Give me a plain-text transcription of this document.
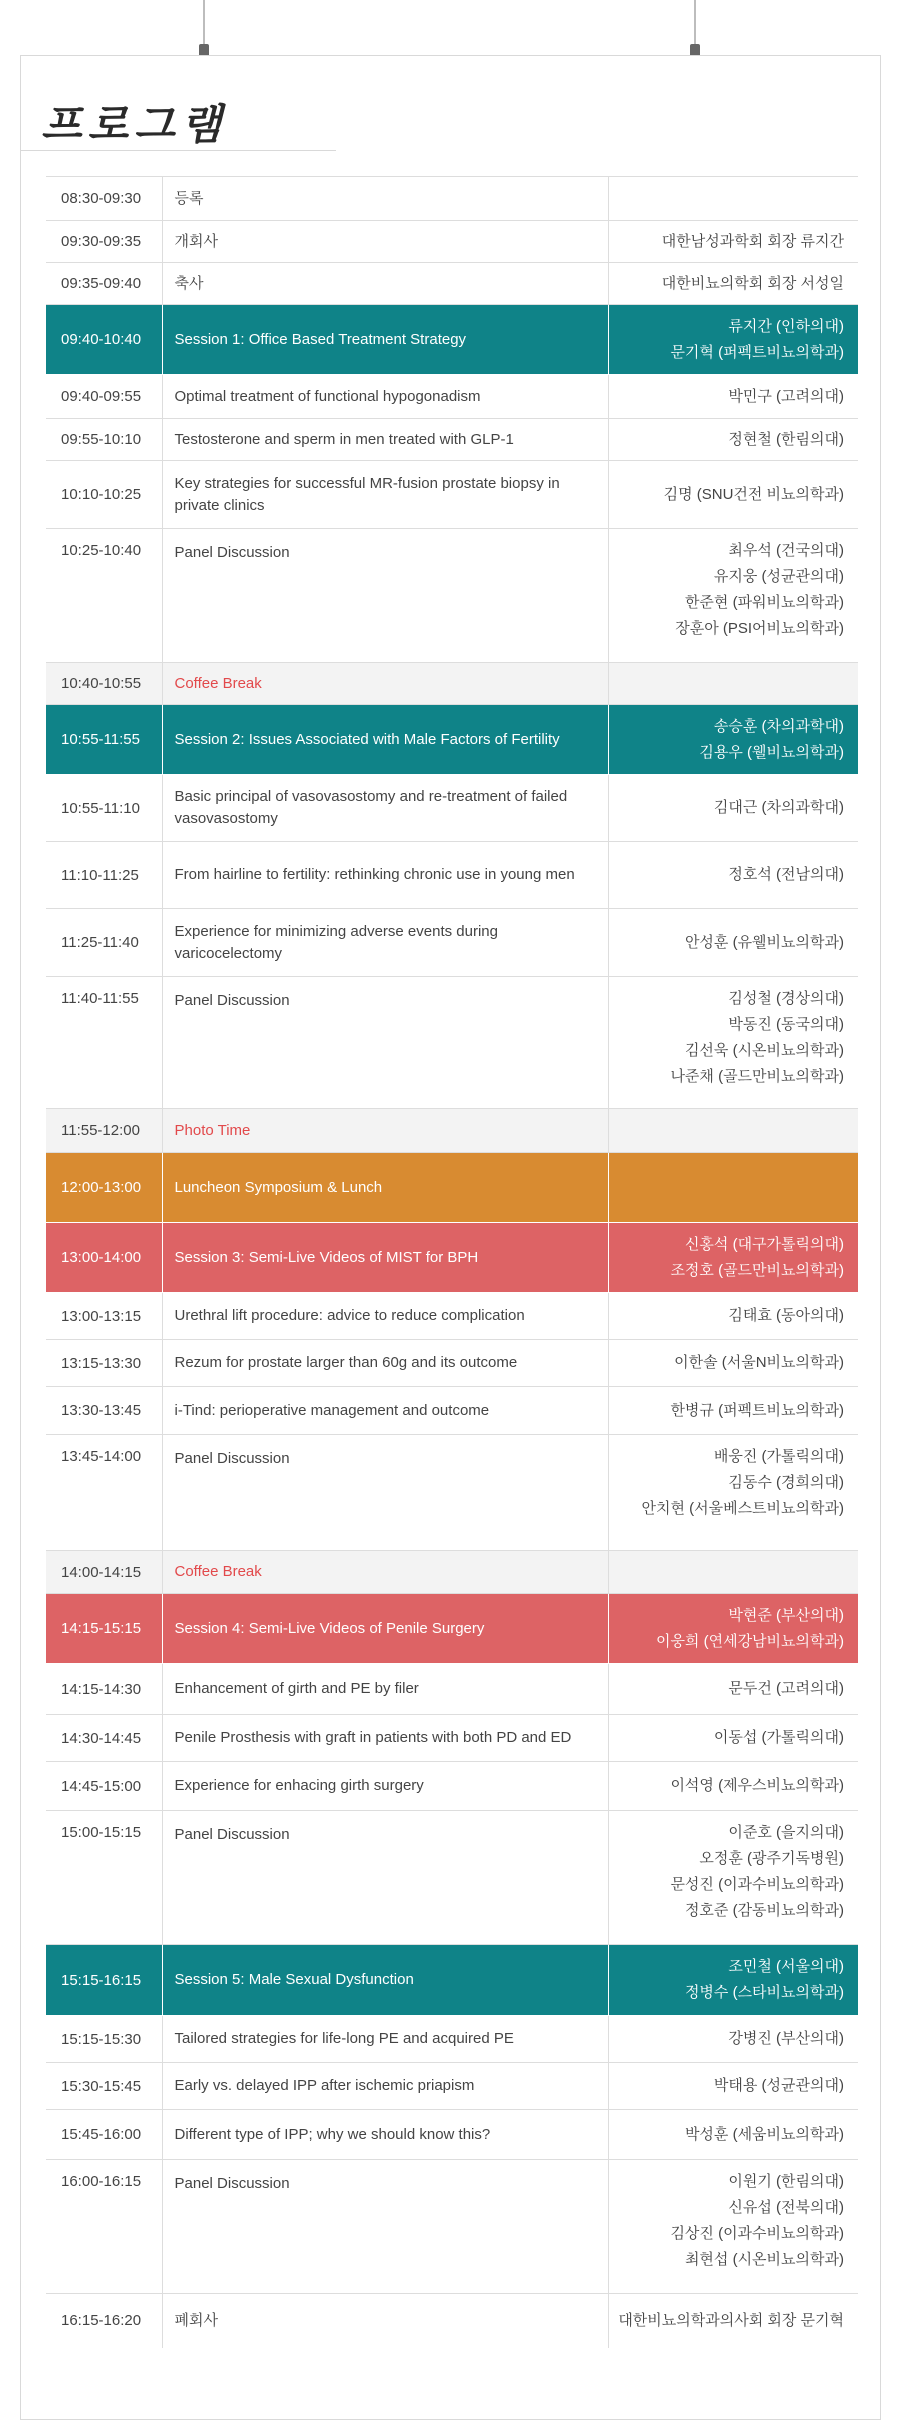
프로그램
08:30-09:30	등록	
09:30-09:35	개회사	대한남성과학회 회장 류지간

09:35-09:40	축사	대한비뇨의학회 회장 서성일

09:40-10:40	Session 1: Office Based Treatment Strategy	류지간 (인하의대)
문기혁 (퍼펙트비뇨의학과)

09:40-09:55	Optimal treatment of functional hypogonadism	박민구 (고려의대)

09:55-10:10	Testosterone and sperm in men treated with GLP-1	정현철 (한림의대)

10:10-10:25	Key strategies for successful MR-fusion prostate biopsy in private clinics	김명 (SNU건전 비뇨의학과)

10:25-10:40	Panel Discussion	최우석 (건국의대)
유지웅 (성균관의대)
한준현 (파워비뇨의학과)
장훈아 (PSI어비뇨의학과)

10:40-10:55	Coffee Break	
10:55-11:55	Session 2: Issues Associated with Male Factors of Fertility	송승훈 (차의과학대)
김용우 (웰비뇨의학과)

10:55-11:10	Basic principal of vasovasostomy and re-treatment of failed vasovasostomy	김대근 (차의과학대)

11:10-11:25	From hairline to fertility: rethinking chronic use in young men	정호석 (전남의대)

11:25-11:40	Experience for minimizing adverse events during varicocelectomy	안성훈 (유웰비뇨의학과)

11:40-11:55	Panel Discussion	김성철 (경상의대)
박동진 (동국의대)
김선욱 (시온비뇨의학과)
나준채 (골드만비뇨의학과)

11:55-12:00	Photo Time	
12:00-13:00	Luncheon Symposium & Lunch	
13:00-14:00	Session 3: Semi-Live Videos of MIST for BPH	신홍석 (대구가톨릭의대)
조정호 (골드만비뇨의학과)

13:00-13:15	Urethral lift procedure: advice to reduce complication	김태효 (동아의대)

13:15-13:30	Rezum for prostate larger than 60g and its outcome	이한솔 (서울N비뇨의학과)

13:30-13:45	i-Tind: perioperative management and outcome	한병규 (퍼펙트비뇨의학과)

13:45-14:00	Panel Discussion	배웅진 (가톨릭의대)
김동수 (경희의대)
안치현 (서울베스트비뇨의학과)

14:00-14:15	Coffee Break	
14:15-15:15	Session 4: Semi-Live Videos of Penile Surgery	박현준 (부산의대)
이웅희 (연세강남비뇨의학과)

14:15-14:30	Enhancement of girth and PE by filer	문두건 (고려의대)

14:30-14:45	Penile Prosthesis with graft in patients with both PD and ED	이동섭 (가톨릭의대)

14:45-15:00	Experience for enhacing girth surgery	이석영 (제우스비뇨의학과)

15:00-15:15	Panel Discussion	이준호 (을지의대)
오정훈 (광주기독병원)
문성진 (이과수비뇨의학과)
정호준 (감동비뇨의학과)

15:15-16:15	Session 5: Male Sexual Dysfunction	조민철 (서울의대)
정병수 (스타비뇨의학과)

15:15-15:30	Tailored strategies for life-long PE and acquired PE	강병진 (부산의대)

15:30-15:45	Early vs. delayed IPP after ischemic priapism	박태용 (성균관의대)

15:45-16:00	Different type of IPP; why we should know this?	박성훈 (세움비뇨의학과)

16:00-16:15	Panel Discussion	이원기 (한림의대)
신유섭 (전북의대)
김상진 (이과수비뇨의학과)
최현섭 (시온비뇨의학과)

16:15-16:20	폐회사	대한비뇨의학과의사회 회장 문기혁
